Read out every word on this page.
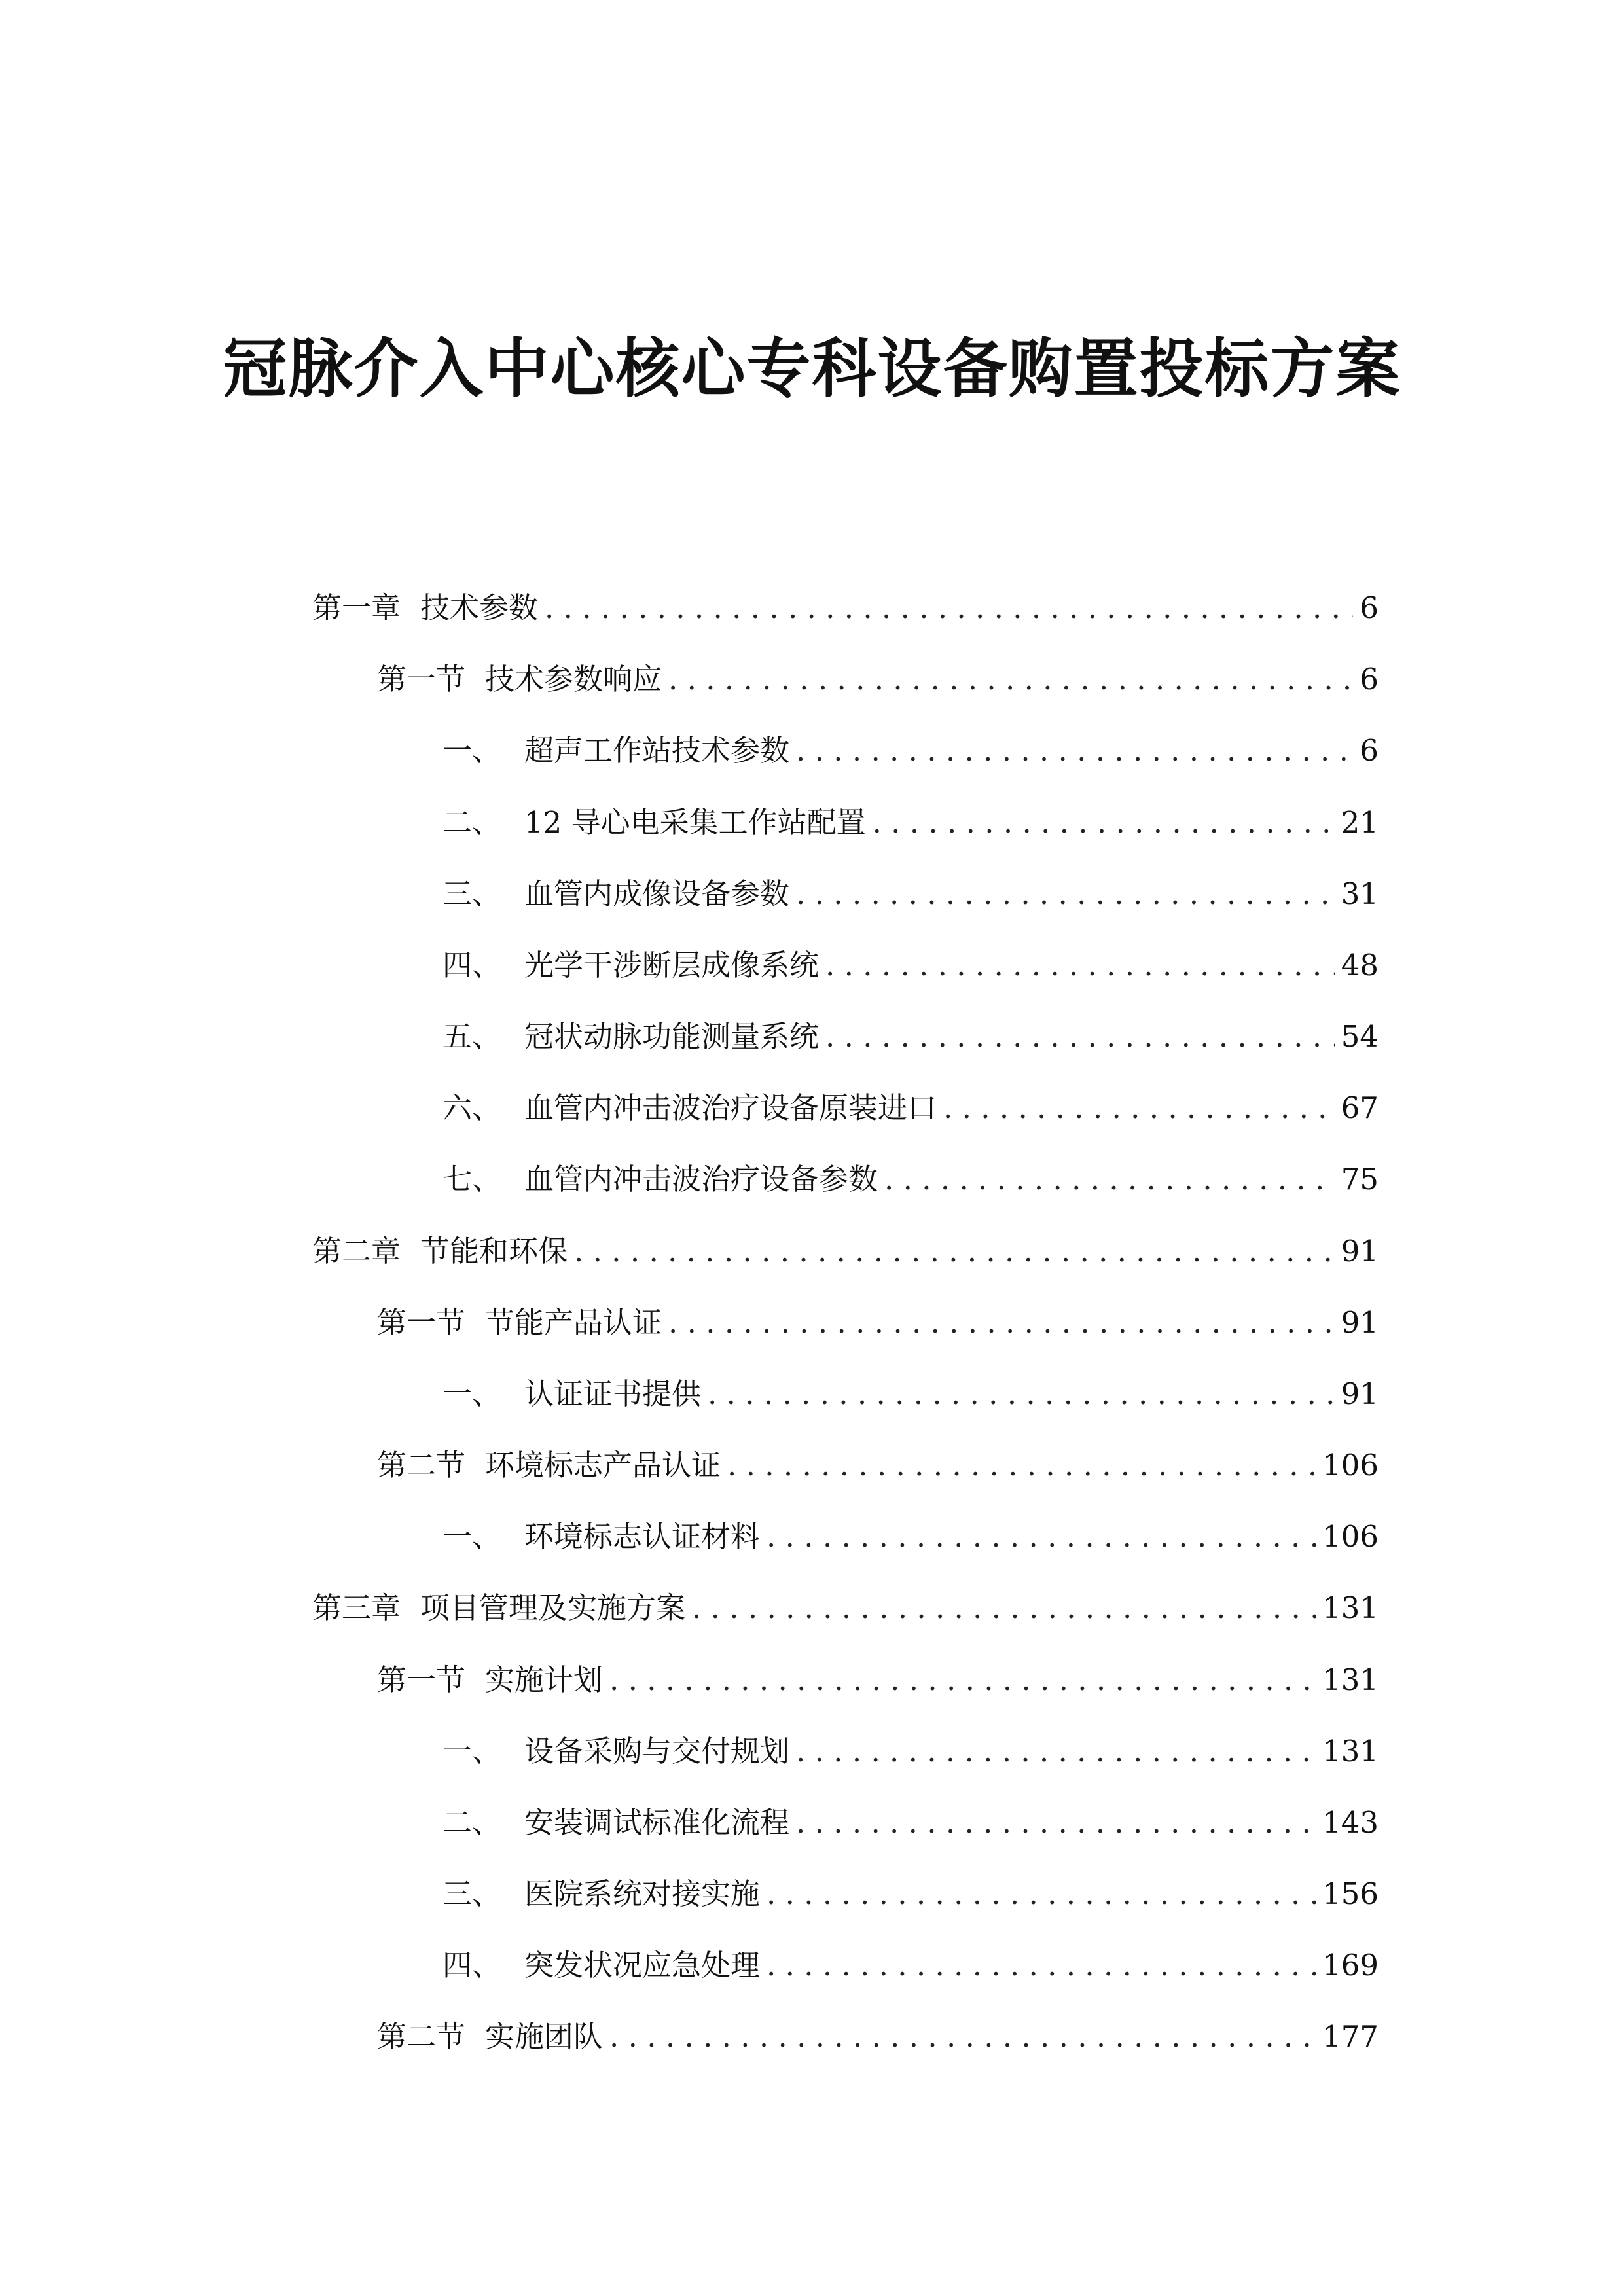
冠脉介入中心核心专科设备购置投标方案
第一章 技术参数 . . .	6
第一节 技术参数响应 . . .	6
一、 超声工作站技术参数 . . .	6
二、 12 导心电采集工作站配置 . . .	21
三、 血管内成像设备参数 . . .	31
四、 光学干涉断层成像系统 . . .	48
五、 冠状动脉功能测量系统 . . .	54
六、 血管内冲击波治疗设备原装进口 . . .	67
七、 血管内冲击波治疗设备参数 . . .	75
第二章 节能和环保 . . .	91
第一节 节能产品认证 . . .	91
一、 认证证书提供 . . .	91
第二节 环境标志产品认证 . . .	106
一、 环境标志认证材料 . . .	106
第三章 项目管理及实施方案 . . .	131
第一节 实施计划 . . .	131
一、 设备采购与交付规划 . . .	131
二、 安装调试标准化流程 . . .	143
三、 医院系统对接实施 . . .	156
四、 突发状况应急处理 . . .	169
第二节 实施团队 . . .	177
